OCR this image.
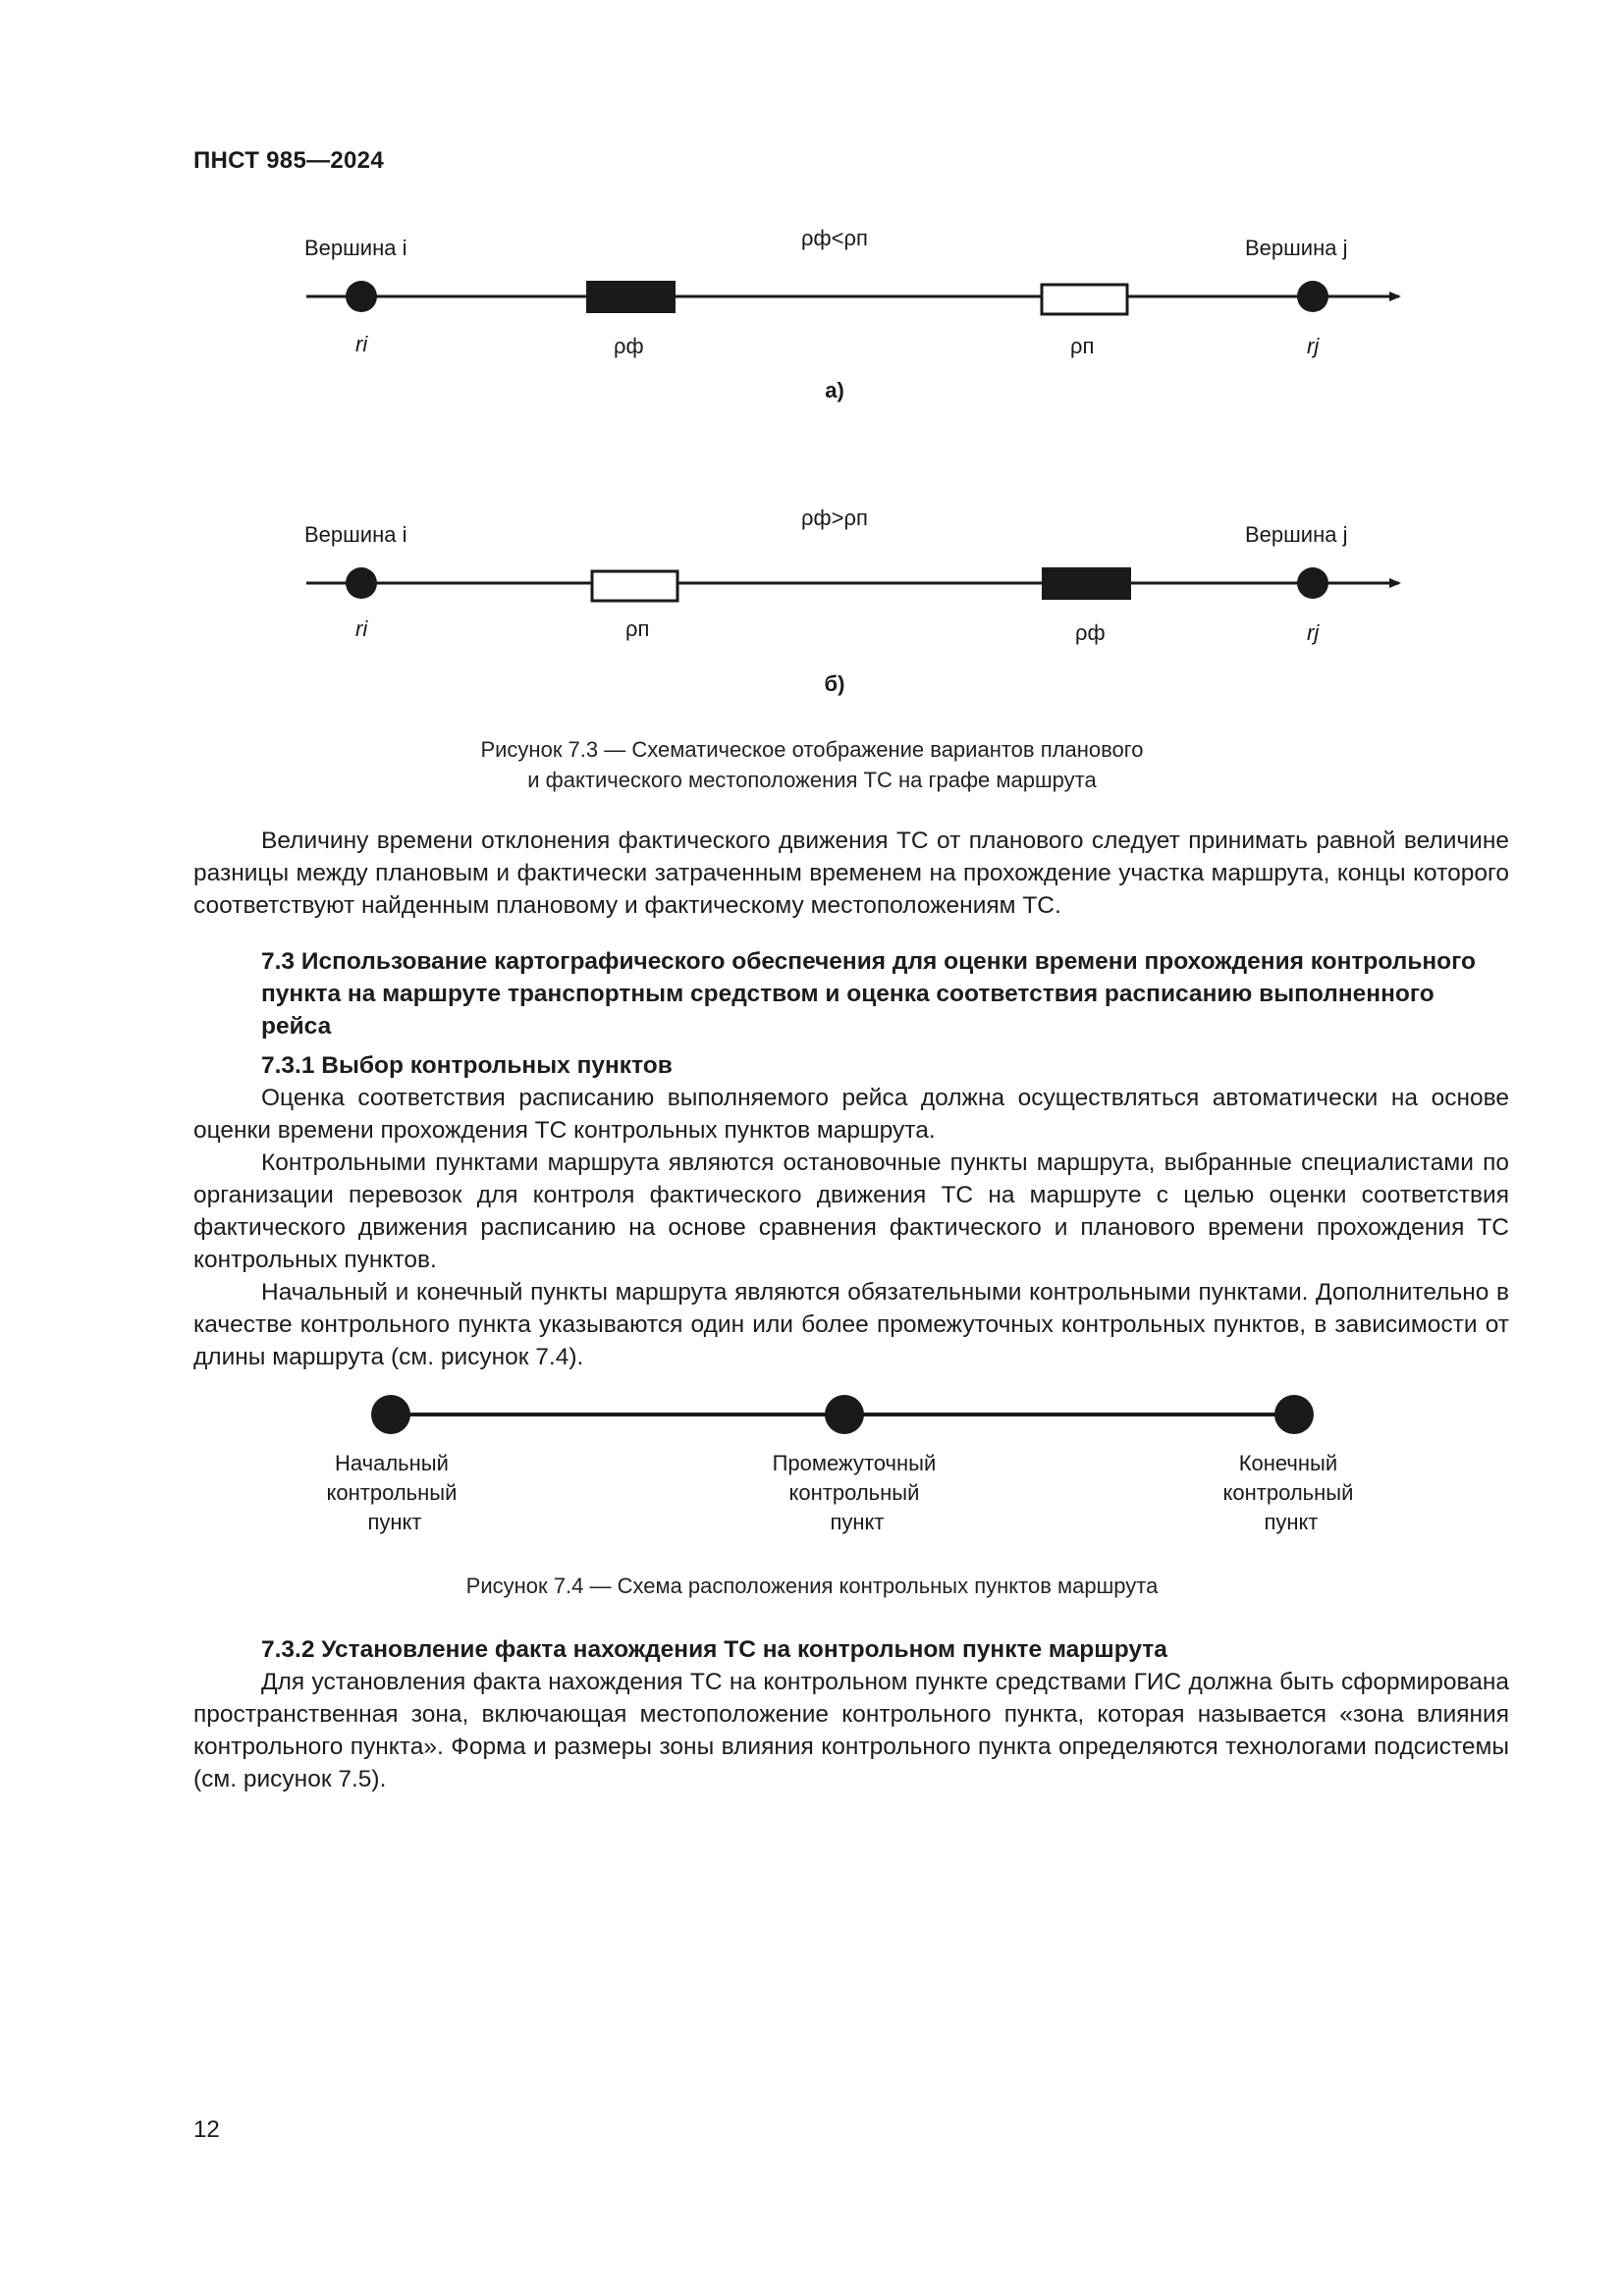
ПНСТ 985—2024
ρф<ρп
Вершина i	Вершина j
ri	ρф	ρп	rj
а)
ρф>ρп
Вершина i	Вершина j
ri	ρп	ρф	rj
б)
Рисунок 7.3 — Схематическое отображение вариантов планового
и фактического местоположения ТС на графе маршрута

Величину времени отклонения фактического движения ТС от планового следует принимать равной величине разницы между плановым и фактически затраченным временем на прохождение участка маршрута, концы которого соответствуют найденным плановому и фактическому местоположениям ТС.

7.3 Использование картографического обеспечения для оценки времени прохождения контрольного пункта на маршруте транспортным средством и оценка соответствия расписанию выполненного рейса
7.3.1 Выбор контрольных пунктов

Оценка соответствия расписанию выполняемого рейса должна осуществляться автоматически на основе оценки времени прохождения ТС контрольных пунктов маршрута.

Контрольными пунктами маршрута являются остановочные пункты маршрута, выбранные специалистами по организации перевозок для контроля фактического движения ТС на маршруте с целью оценки соответствия фактического движения расписанию на основе сравнения фактического и планового времени прохождения ТС контрольных пунктов.

Начальный и конечный пункты маршрута являются обязательными контрольными пунктами. Дополнительно в качестве контрольного пункта указываются один или более промежуточных контрольных пунктов, в зависимости от длины маршрута (см. рисунок 7.4).

Начальный контрольный пункт
Промежуточный контрольный пункт
Конечный контрольный пункт
Рисунок 7.4 — Схема расположения контрольных пунктов маршрута
7.3.2 Установление факта нахождения ТС на контрольном пункте маршрута

Для установления факта нахождения ТС на контрольном пункте средствами ГИС должна быть сформирована пространственная зона, включающая местоположение контрольного пункта, которая называется «зона влияния контрольного пункта». Форма и размеры зоны влияния контрольного пункта определяются технологами подсистемы (см. рисунок 7.5).

12
